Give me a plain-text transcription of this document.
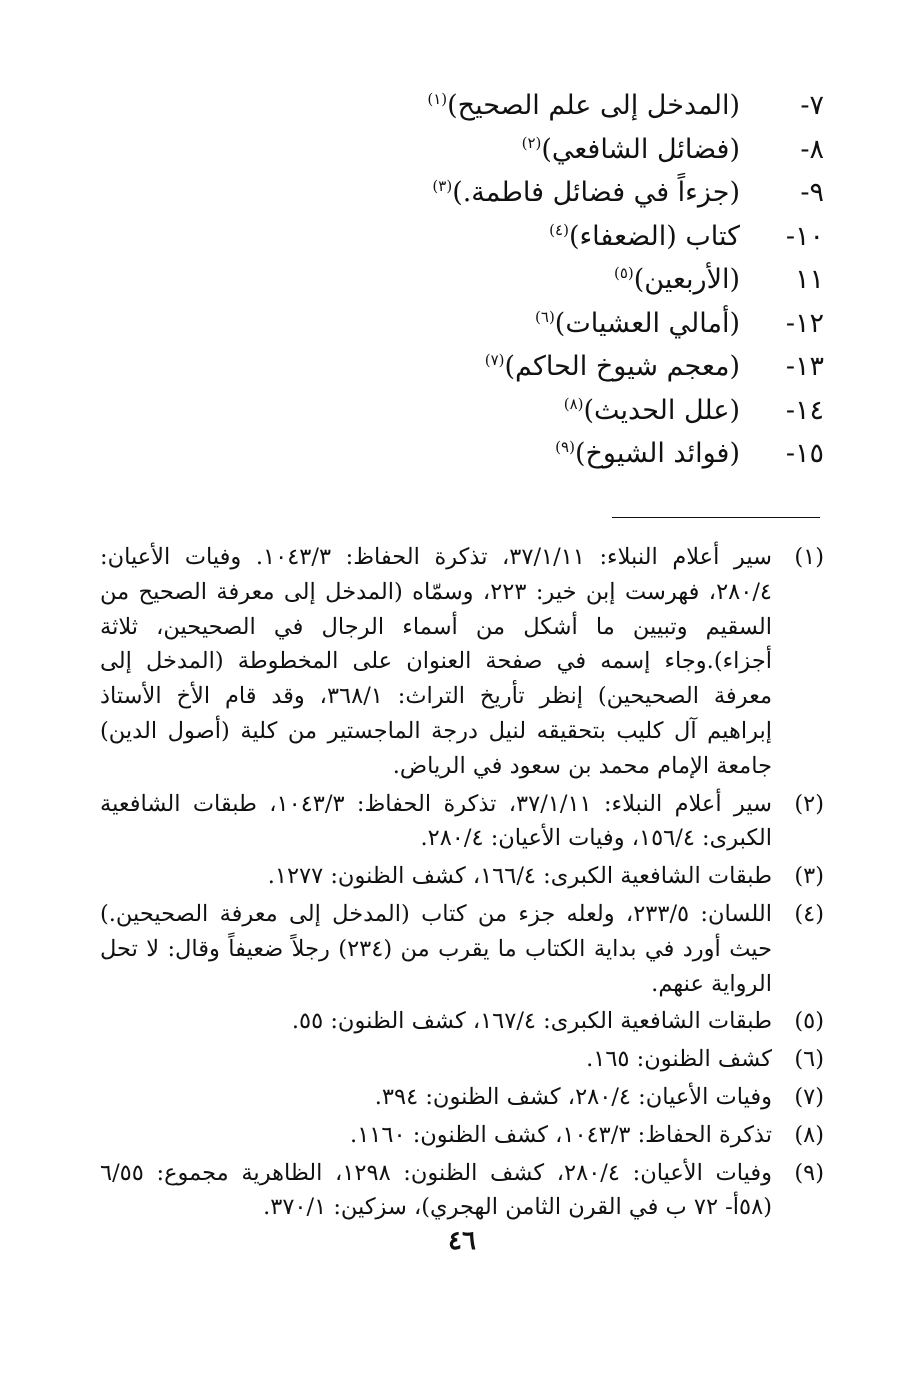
٧-
(المدخل إلى علم الصحيح)$^{(١)}$
٨-
(فضائل الشافعي)$^{(٢)}$
٩-
(جزءاً في فضائل فاطمة.)$^{(٣)}$
١٠-
كتاب (الضعفاء)$^{(٤)}$
١١
(الأربعين)$^{(٥)}$
١٢-
(أمالي العشيات)$^{(٦)}$
١٣-
(معجم شيوخ الحاكم)$^{(٧)}$
١٤-
(علل الحديث)$^{(٨)}$
١٥-
(فوائد الشيوخ)$^{(٩)}$
(١)
سير أعلام النبلاء: ٣٧/١/١١، تذكرة الحفاظ: ١٠٤٣/٣. وفيات الأعيان: ٢٨٠/٤، فهرست إبن خير: ٢٢٣، وسمّاه (المدخل إلى معرفة الصحيح من السقيم وتبيين ما أشكل من أسماء الرجال في الصحيحين، ثلاثة أجزاء).وجاء إسمه في صفحة العنوان على المخطوطة (المدخل إلى معرفة الصحيحين) إنظر تأريخ التراث: ٣٦٨/١، وقد قام الأخ الأستاذ إبراهيم آل كليب بتحقيقه لنيل درجة الماجستير من كلية (أصول الدين) جامعة الإمام محمد بن سعود في الرياض.
(٢)
سير أعلام النبلاء: ٣٧/١/١١، تذكرة الحفاظ: ١٠٤٣/٣، طبقات الشافعية الكبرى: ١٥٦/٤، وفيات الأعيان: ٢٨٠/٤.
(٣)
طبقات الشافعية الكبرى: ١٦٦/٤، كشف الظنون: ١٢٧٧.
(٤)
اللسان: ٢٣٣/٥، ولعله جزء من كتاب (المدخل إلى معرفة الصحيحين.) حيث أورد في بداية الكتاب ما يقرب من (٢٣٤) رجلاً ضعيفاً وقال: لا تحل الرواية عنهم.
(٥)
طبقات الشافعية الكبرى: ١٦٧/٤، كشف الظنون: ٥٥.
(٦)
كشف الظنون: ١٦٥.
(٧)
وفيات الأعيان: ٢٨٠/٤، كشف الظنون: ٣٩٤.
(٨)
تذكرة الحفاظ: ١٠٤٣/٣، كشف الظنون: ١١٦٠.
(٩)
وفيات الأعيان: ٢٨٠/٤، كشف الظنون: ١٢٩٨، الظاهرية مجموع: ٦/٥٥ (٥٨أ- ٧٢ ب في القرن الثامن الهجري)، سزكين: ٣٧٠/١.
٤٦
